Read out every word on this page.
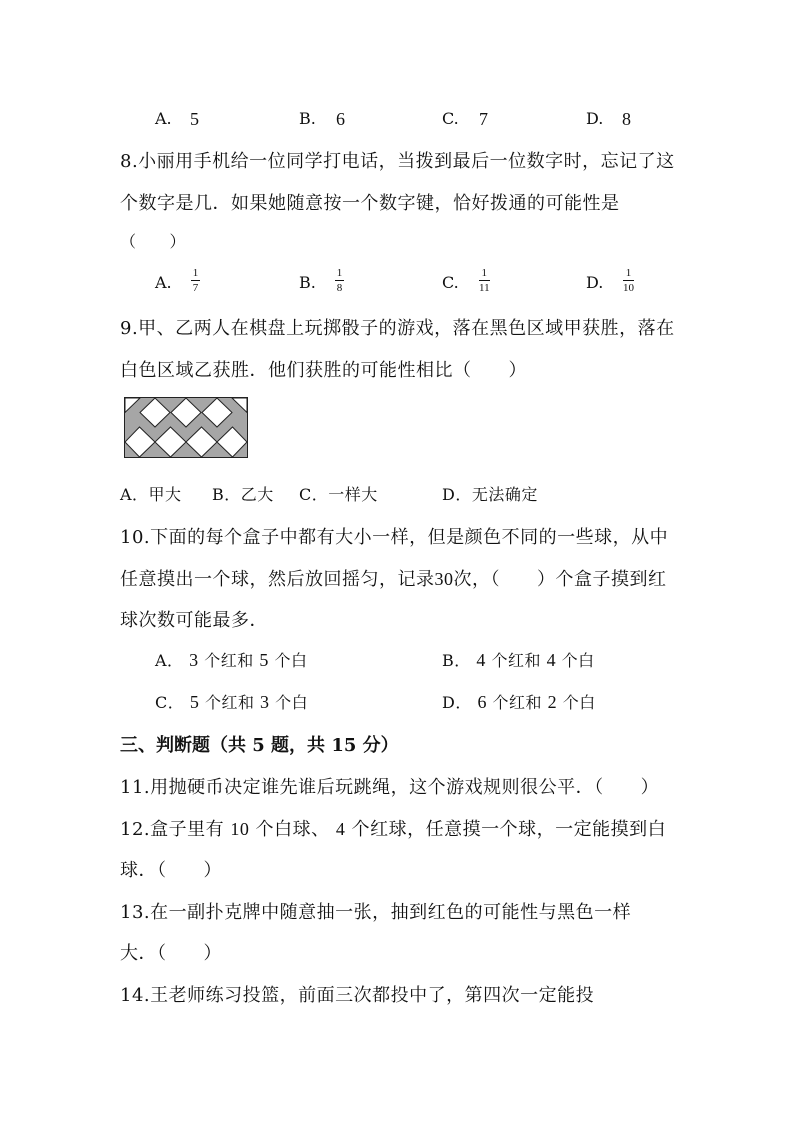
A. 5	B. 6	C. 7	D. 8
8.小丽用手机给一位同学打电话，当拨到最后一位数字时，忘记了这
个数字是几．如果她随意按一个数字键，恰好拨通的可能性是
（　　）
A. 1
7	B. 1
8	C. 1
11	D. 1
10
9.甲、乙两人在棋盘上玩掷骰子的游戏，落在黑色区域甲获胜，落在
白色区域乙获胜．他们获胜的可能性相比（　　）
A．甲大 B．乙大 C．一样大	D．无法确定
10.下面的每个盒子中都有大小一样，但是颜色不同的一些球，从中
任意摸出一个球，然后放回摇匀，记录30次，（　　）个盒子摸到红
球次数可能最多．
A． 3 个红和 5 个白	B． 4 个红和 4 个白
C． 5 个红和 3 个白	D． 6 个红和 2 个白
三、判断题（共 5 题，共 15 分）
11.用抛硬币决定谁先谁后玩跳绳，这个游戏规则很公平．（　　）
12.盒子里有 10 个白球、 4 个红球，任意摸一个球，一定能摸到白
球．（　　）
13.在一副扑克牌中随意抽一张，抽到红色的可能性与黑色一样
大．（　　）
14.王老师练习投篮，前面三次都投中了，第四次一定能投
